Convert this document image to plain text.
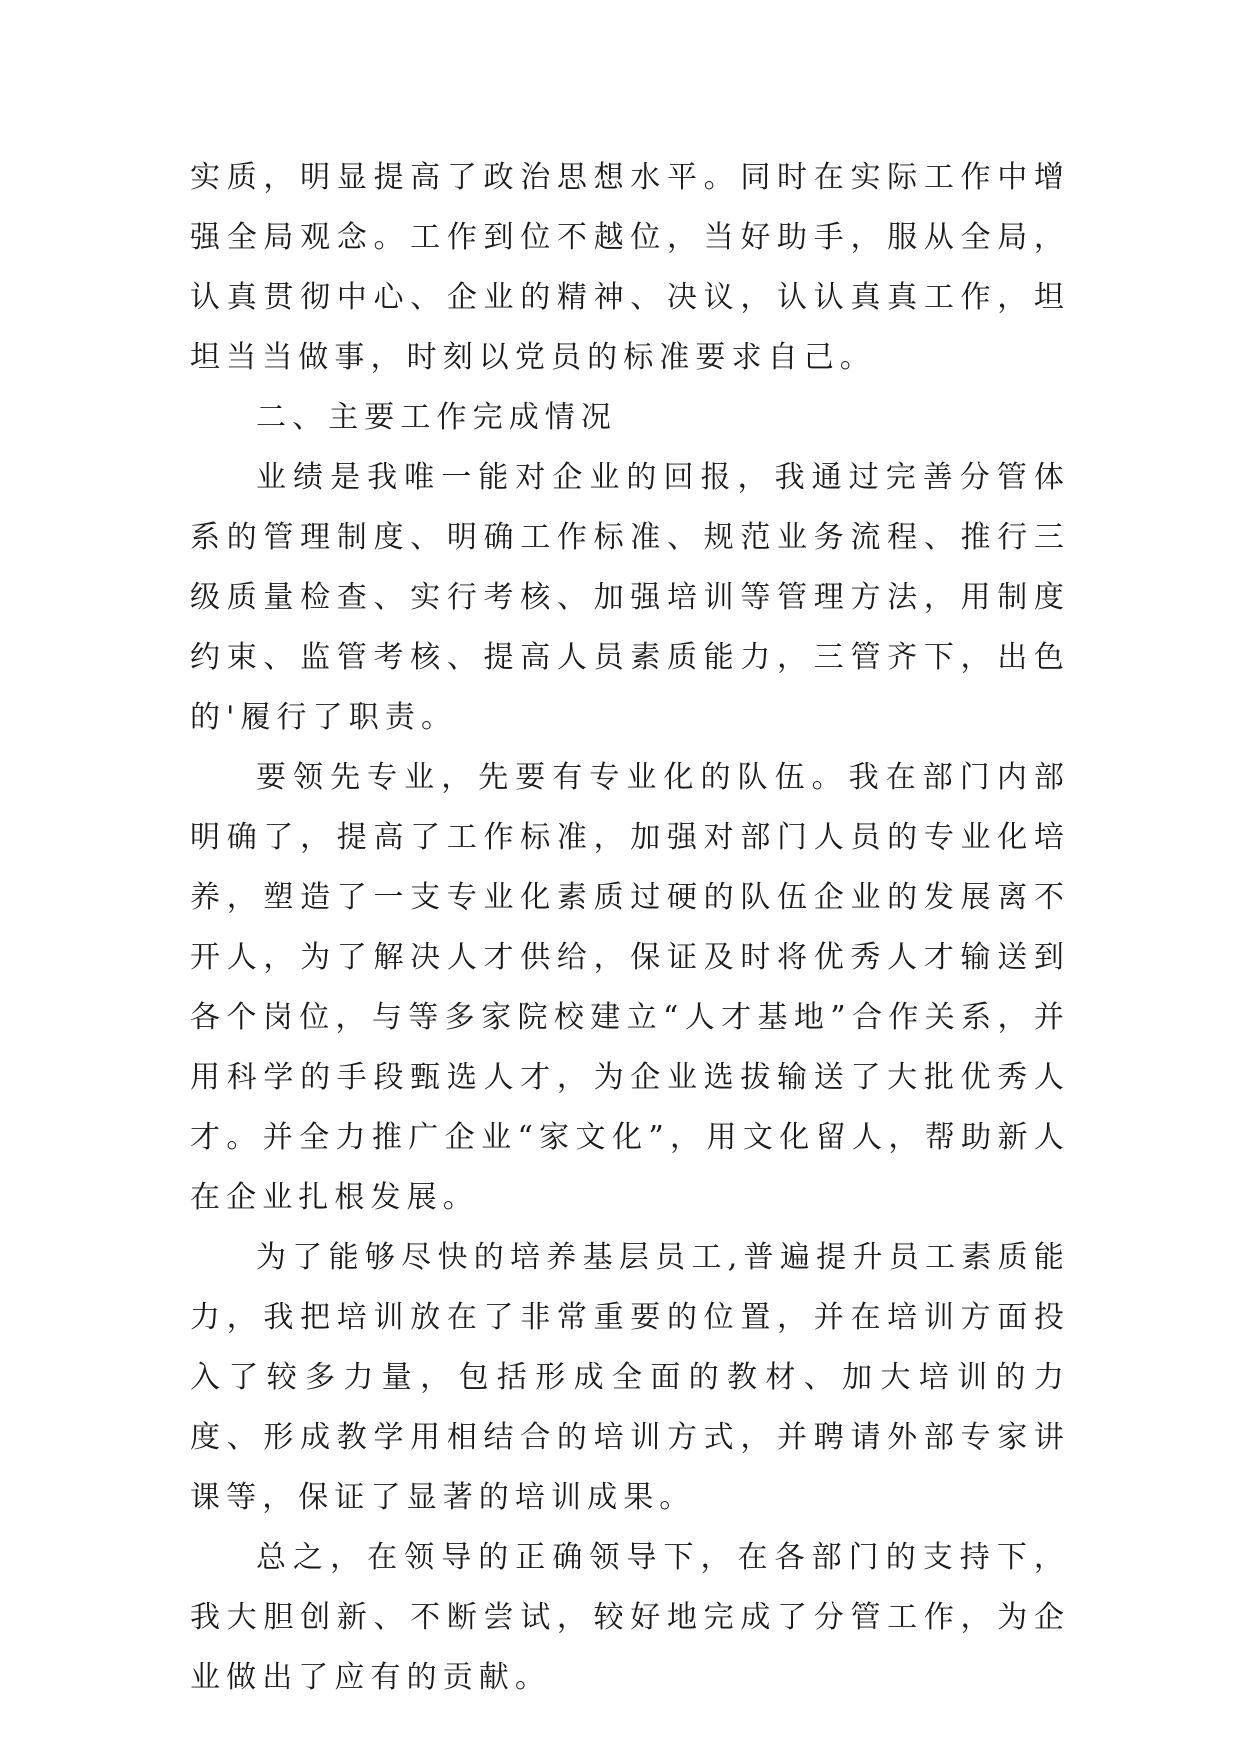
实质，明显提高了政治思想水平。同时在实际工作中增强全局观念。工作到位不越位，当好助手，服从全局，认真贯彻中心、企业的精神、决议，认认真真工作，坦坦当当做事，时刻以党员的标准要求自己。

二、主要工作完成情况

业绩是我唯一能对企业的回报，我通过完善分管体系的管理制度、明确工作标准、规范业务流程、推行三级质量检查、实行考核、加强培训等管理方法，用制度约束、监管考核、提高人员素质能力，三管齐下，出色的'履行了职责。

要领先专业，先要有专业化的队伍。我在部门内部明确了，提高了工作标准，加强对部门人员的专业化培养，塑造了一支专业化素质过硬的队伍企业的发展离不开人，为了解决人才供给，保证及时将优秀人才输送到各个岗位，与等多家院校建立“人才基地”合作关系，并用科学的手段甄选人才，为企业选拔输送了大批优秀人才。并全力推广企业“家文化”，用文化留人，帮助新人在企业扎根发展。

为了能够尽快的培养基层员工,普遍提升员工素质能力，我把培训放在了非常重要的位置，并在培训方面投入了较多力量，包括形成全面的教材、加大培训的力度、形成教学用相结合的培训方式，并聘请外部专家讲课等，保证了显著的培训成果。

总之，在领导的正确领导下，在各部门的支持下，我大胆创新、不断尝试，较好地完成了分管工作，为企业做出了应有的贡献。
